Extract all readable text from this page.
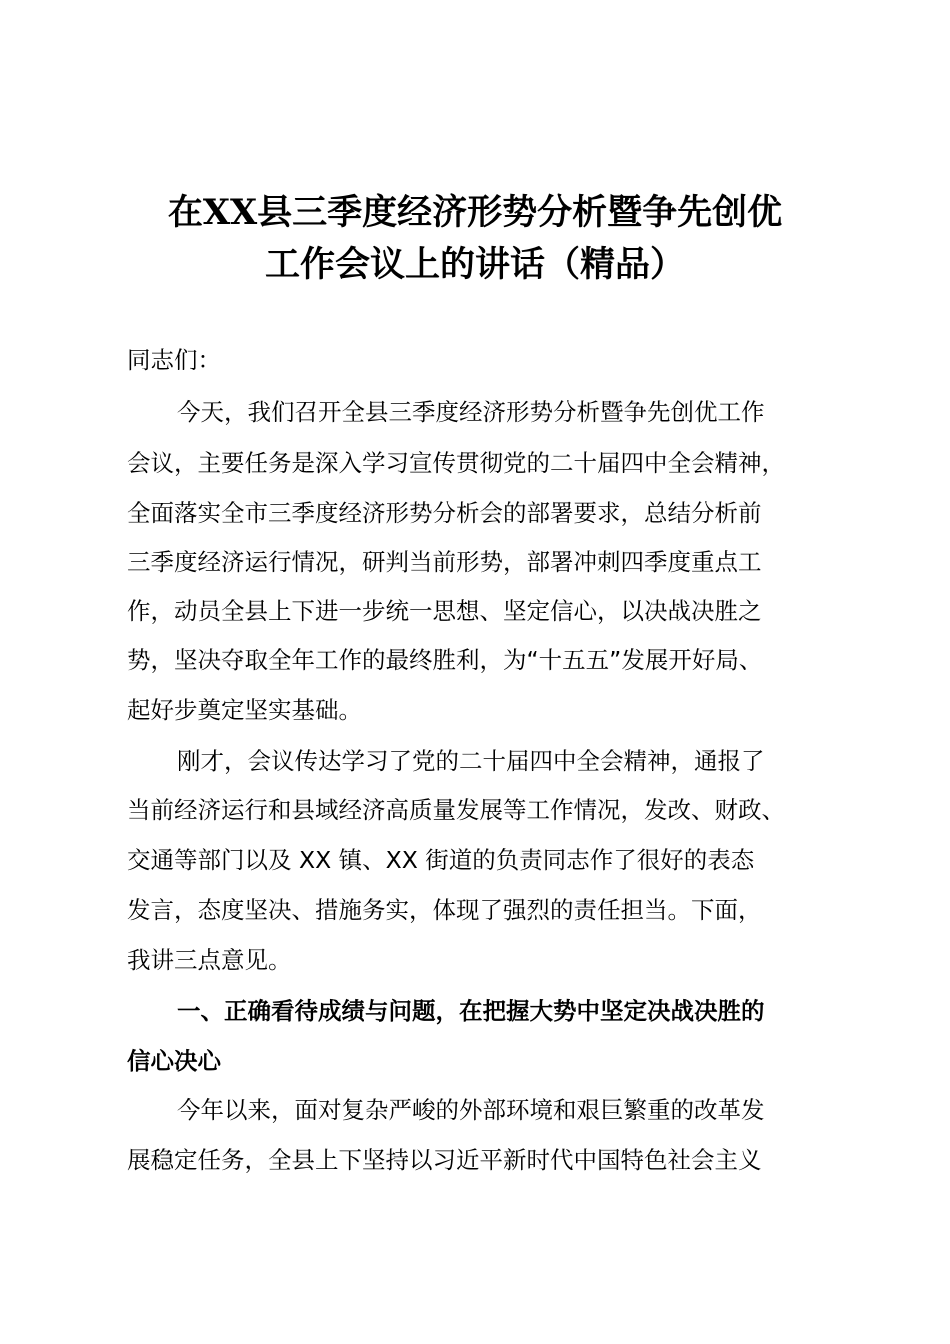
在XX县三季度经济形势分析暨争先创优
工作会议上的讲话（精品）
同志们：
今天，我们召开全县三季度经济形势分析暨争先创优工作
会议，主要任务是深入学习宣传贯彻党的二十届四中全会精神，
全面落实全市三季度经济形势分析会的部署要求，总结分析前
三季度经济运行情况，研判当前形势，部署冲刺四季度重点工
作，动员全县上下进一步统一思想、坚定信心，以决战决胜之
势，坚决夺取全年工作的最终胜利，为“十五五”发展开好局、
起好步奠定坚实基础。
刚才，会议传达学习了党的二十届四中全会精神，通报了
当前经济运行和县域经济高质量发展等工作情况，发改、财政、
交通等部门以及 XX 镇、XX 街道的负责同志作了很好的表态
发言，态度坚决、措施务实，体现了强烈的责任担当。下面，
我讲三点意见。
一、正确看待成绩与问题，在把握大势中坚定决战决胜的
信心决心
今年以来，面对复杂严峻的外部环境和艰巨繁重的改革发
展稳定任务，全县上下坚持以习近平新时代中国特色社会主义
